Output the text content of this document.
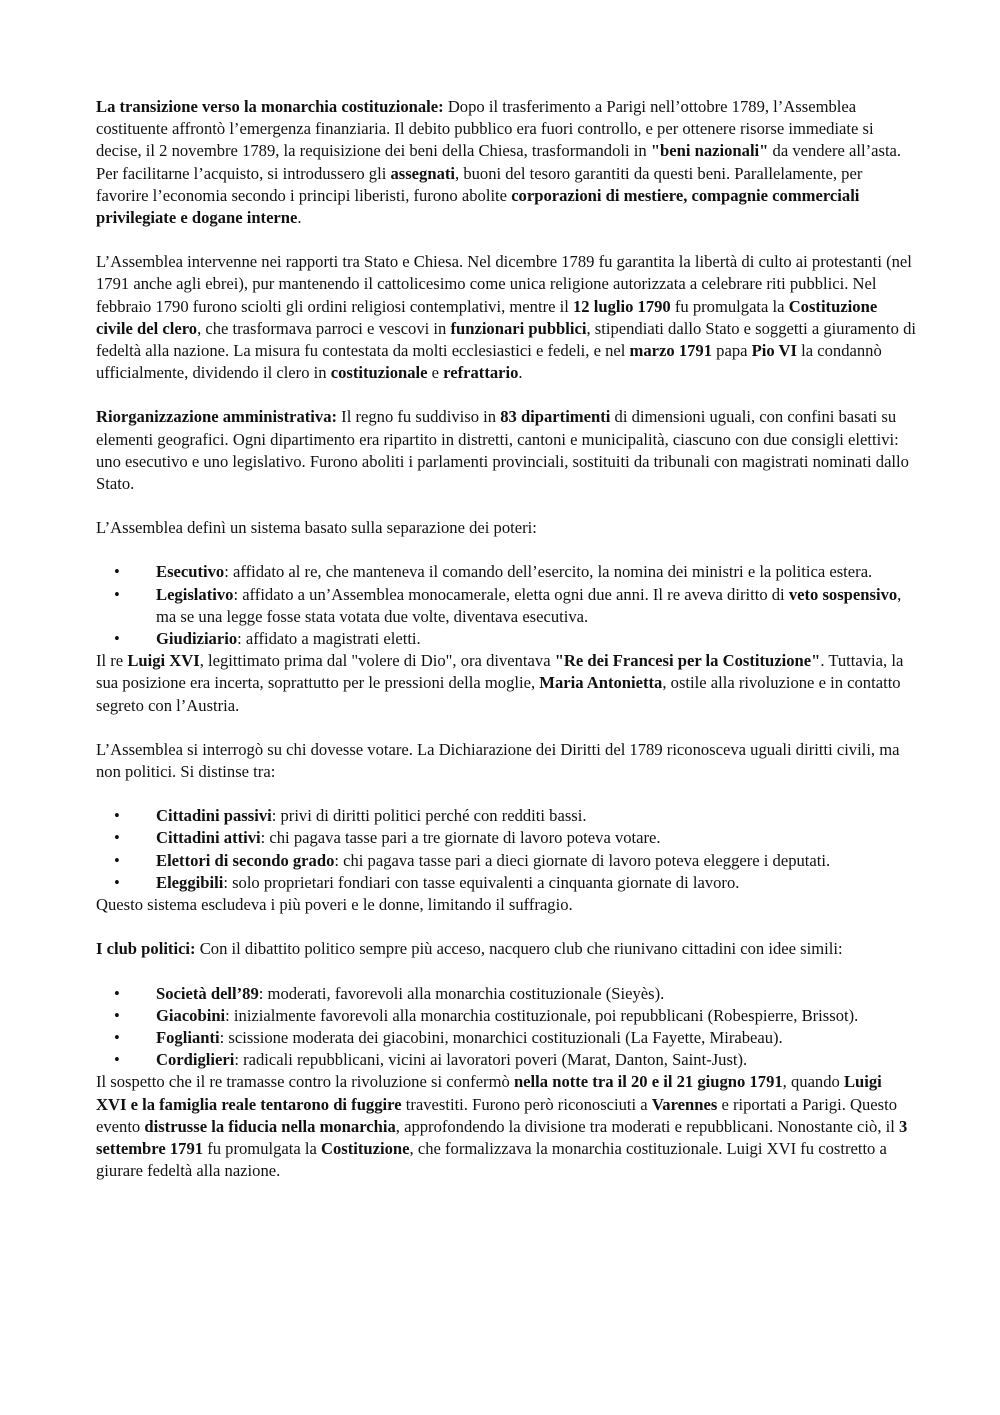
La transizione verso la monarchia costituzionale: Dopo il trasferimento a Parigi nell’ottobre 1789, l’Assemblea costituente affrontò l’emergenza finanziaria. Il debito pubblico era fuori controllo, e per ottenere risorse immediate si decise, il 2 novembre 1789, la requisizione dei beni della Chiesa, trasformandoli in "beni nazionali" da vendere all’asta. Per facilitarne l’acquisto, si introdussero gli assegnati, buoni del tesoro garantiti da questi beni. Parallelamente, per favorire l’economia secondo i principi liberisti, furono abolite corporazioni di mestiere, compagnie commerciali privilegiate e dogane interne.

L’Assemblea intervenne nei rapporti tra Stato e Chiesa. Nel dicembre 1789 fu garantita la libertà di culto ai protestanti (nel 1791 anche agli ebrei), pur mantenendo il cattolicesimo come unica religione autorizzata a celebrare riti pubblici. Nel febbraio 1790 furono sciolti gli ordini religiosi contemplativi, mentre il 12 luglio 1790 fu promulgata la Costituzione civile del clero, che trasformava parroci e vescovi in funzionari pubblici, stipendiati dallo Stato e soggetti a giuramento di fedeltà alla nazione. La misura fu contestata da molti ecclesiastici e fedeli, e nel marzo 1791 papa Pio VI la condannò ufficialmente, dividendo il clero in costituzionale e refrattario.

Riorganizzazione amministrativa: Il regno fu suddiviso in 83 dipartimenti di dimensioni uguali, con confini basati su elementi geografici. Ogni dipartimento era ripartito in distretti, cantoni e municipalità, ciascuno con due consigli elettivi: uno esecutivo e uno legislativo. Furono aboliti i parlamenti provinciali, sostituiti da tribunali con magistrati nominati dallo Stato.

L’Assemblea definì un sistema basato sulla separazione dei poteri:

• Esecutivo: affidato al re, che manteneva il comando dell’esercito, la nomina dei ministri e la politica estera.
• Legislativo: affidato a un’Assemblea monocamerale, eletta ogni due anni. Il re aveva diritto di veto sospensivo, ma se una legge fosse stata votata due volte, diventava esecutiva.
• Giudiziario: affidato a magistrati eletti.

Il re Luigi XVI, legittimato prima dal "volere di Dio", ora diventava "Re dei Francesi per la Costituzione". Tuttavia, la sua posizione era incerta, soprattutto per le pressioni della moglie, Maria Antonietta, ostile alla rivoluzione e in contatto segreto con l’Austria.

L’Assemblea si interrogò su chi dovesse votare. La Dichiarazione dei Diritti del 1789 riconosceva uguali diritti civili, ma non politici. Si distinse tra:

• Cittadini passivi: privi di diritti politici perché con redditi bassi.
• Cittadini attivi: chi pagava tasse pari a tre giornate di lavoro poteva votare.
• Elettori di secondo grado: chi pagava tasse pari a dieci giornate di lavoro poteva eleggere i deputati.
• Eleggibili: solo proprietari fondiari con tasse equivalenti a cinquanta giornate di lavoro.

Questo sistema escludeva i più poveri e le donne, limitando il suffragio.

I club politici: Con il dibattito politico sempre più acceso, nacquero club che riunivano cittadini con idee simili:

• Società dell’89: moderati, favorevoli alla monarchia costituzionale (Sieyès).
• Giacobini: inizialmente favorevoli alla monarchia costituzionale, poi repubblicani (Robespierre, Brissot).
• Foglianti: scissione moderata dei giacobini, monarchici costituzionali (La Fayette, Mirabeau).
• Cordiglieri: radicali repubblicani, vicini ai lavoratori poveri (Marat, Danton, Saint-Just).

Il sospetto che il re tramasse contro la rivoluzione si confermò nella notte tra il 20 e il 21 giugno 1791, quando Luigi XVI e la famiglia reale tentarono di fuggire travestiti. Furono però riconosciuti a Varennes e riportati a Parigi. Questo evento distrusse la fiducia nella monarchia, approfondendo la divisione tra moderati e repubblicani. Nonostante ciò, il 3 settembre 1791 fu promulgata la Costituzione, che formalizzava la monarchia costituzionale. Luigi XVI fu costretto a giurare fedeltà alla nazione.
